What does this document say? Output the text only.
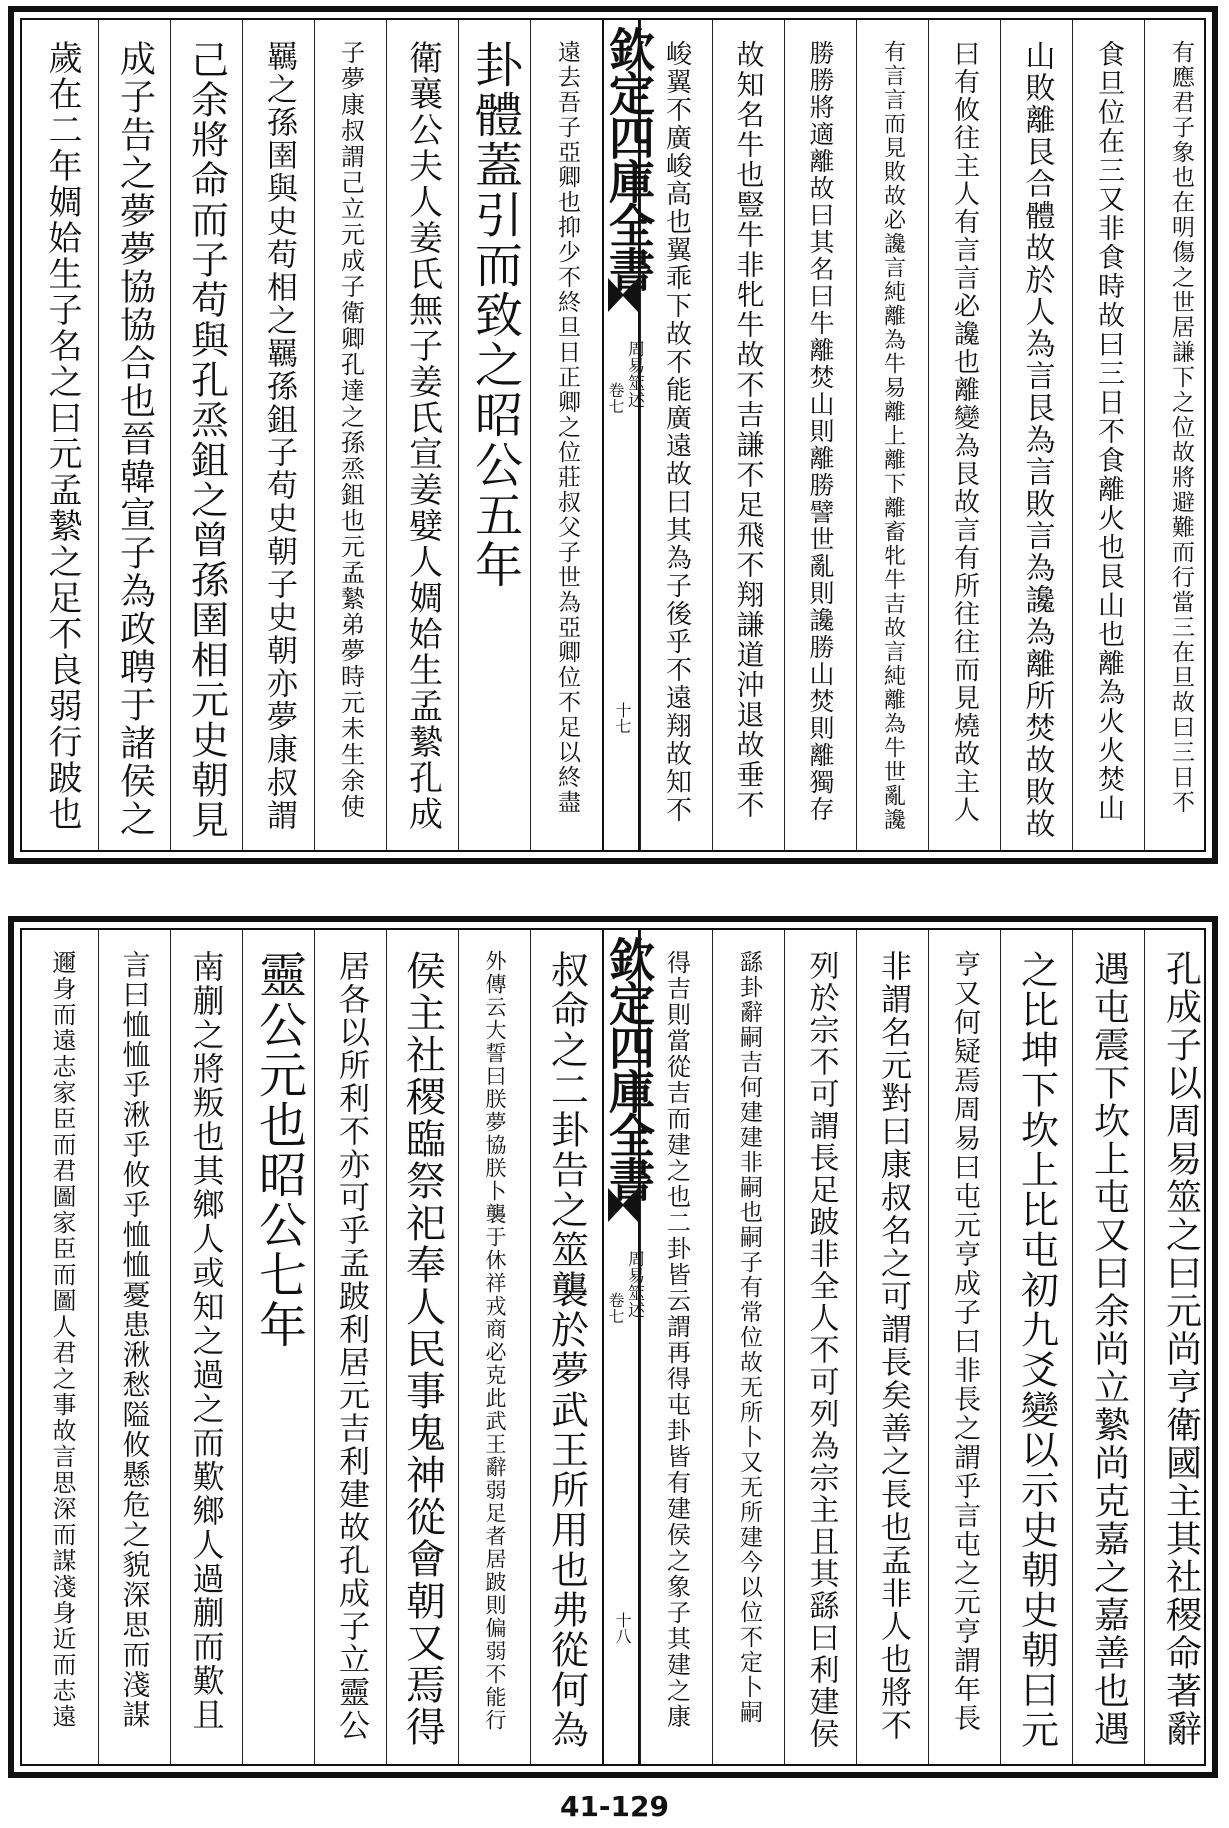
有應君子象也在明傷之世居謙下之位故將避難而行當三在旦故曰三日不
食旦位在三又非食時故曰三日不食離火也艮山也離為火火焚山
山敗離艮合體故於人為言艮為言敗言為讒為離所焚故敗故
曰有攸往主人有言言必讒也離變為艮故言有所往往而見燒故主人
有言言而見敗故必讒言純離為牛易離上離下離畜牝牛吉故言純離為牛世亂讒
勝勝將適離故曰其名曰牛離焚山則離勝譬世亂則讒勝山焚則離獨存
故知名牛也豎牛非牝牛故不吉謙不足飛不翔謙道沖退故垂不
峻翼不廣峻高也翼乖下故不能廣遠故曰其為子後乎不遠翔故知不
欽定四庫全書
周易筮述
卷七
十七
遠去吾子亞卿也抑少不終旦日正卿之位莊叔父子世為亞卿位不足以終盡
卦體蓋引而致之昭公五年
衛襄公夫人姜氏無子姜氏宣姜嬖人婤姶生孟縶孔成
子夢康叔謂己立元成子衛卿孔達之孫烝鉏也元孟縶弟夢時元未生余使
羈之孫圉與史苟相之羈孫鉏子苟史朝子史朝亦夢康叔謂
己余將命而子苟與孔烝鉏之曾孫圉相元史朝見
成子告之夢夢協協合也晉韓宣子為政聘于諸侯之
歲在二年婤姶生子名之曰元孟縶之足不良弱行跛也
孔成子以周易筮之曰元尚亨衛國主其社稷命著辭
遇屯震下坎上屯又曰余尚立縶尚克嘉之嘉善也遇
之比坤下坎上比屯初九爻變以示史朝史朝曰元
亨又何疑焉周易曰屯元亨成子曰非長之謂乎言屯之元亨謂年長
非謂名元對曰康叔名之可謂長矣善之長也孟非人也將不
列於宗不可謂長足跛非全人不可列為宗主且其繇曰利建侯
繇卦辭嗣吉何建建非嗣也嗣子有常位故无所卜又无所建今以位不定卜嗣
得吉則當從吉而建之也二卦皆云謂再得屯卦皆有建侯之象子其建之康
欽定四庫全書
周易筮述
卷七
十八
叔命之二卦告之筮襲於夢武王所用也弗從何為
外傳云大誓曰朕夢協朕卜襲于休祥戎商必克此武王辭弱足者居跛則偏弱不能行
侯主社稷臨祭祀奉人民事鬼神從會朝又焉得
居各以所利不亦可乎孟跛利居元吉利建故孔成子立靈公
靈公元也昭公七年
南蒯之將叛也其鄉人或知之過之而歎鄉人過蒯而歎且
言曰恤恤乎湫乎攸乎恤恤憂患湫愁隘攸懸危之貌深思而淺謀
邇身而遠志家臣而君圖家臣而圖人君之事故言思深而謀淺身近而志遠
41-129
